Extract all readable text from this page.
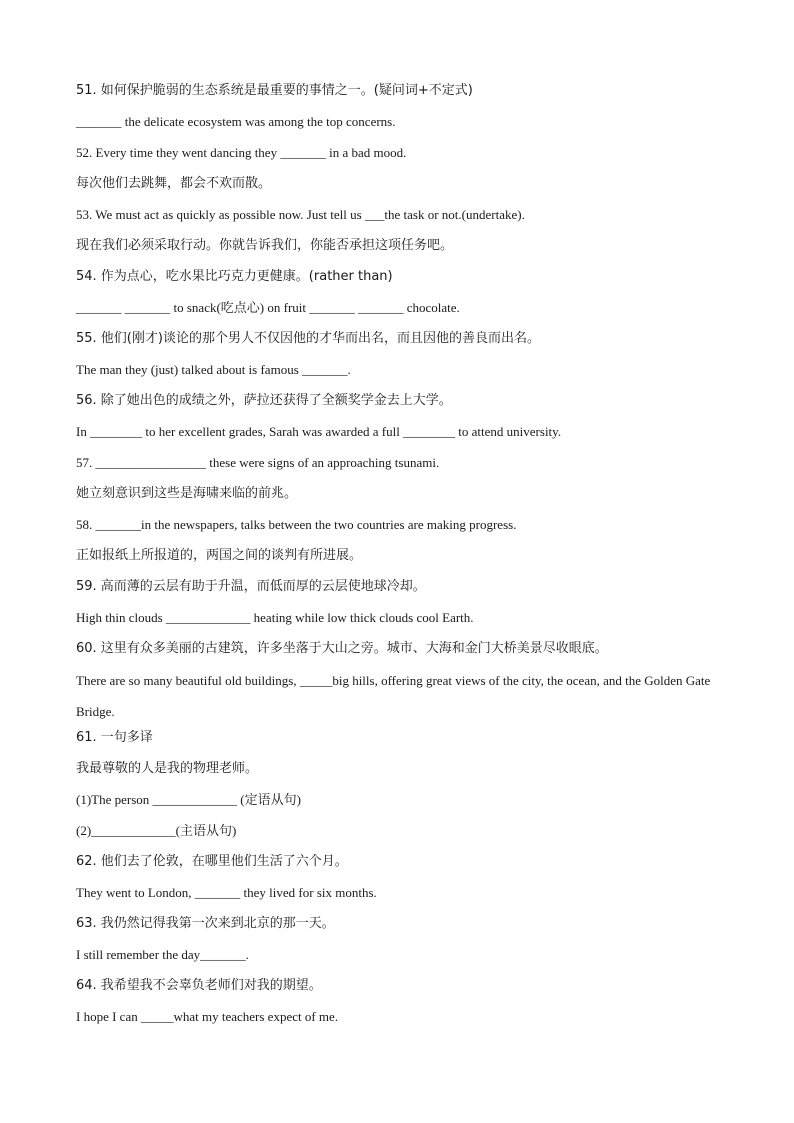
51. 如何保护脆弱的生态系统是最重要的事情之一。(疑问词+不定式)
_______ the delicate ecosystem was among the top concerns.
52. Every time they went dancing they _______ in a bad mood.
每次他们去跳舞，都会不欢而散。
53. We must act as quickly as possible now. Just tell us ___the task or not.(undertake).
现在我们必须采取行动。你就告诉我们，你能否承担这项任务吧。
54. 作为点心，吃水果比巧克力更健康。(rather than)
_______ _______ to snack(吃点心) on fruit _______ _______ chocolate.
55. 他们(刚才)谈论的那个男人不仅因他的才华而出名，而且因他的善良而出名。
The man they (just) talked about is famous _______.
56. 除了她出色的成绩之外，萨拉还获得了全额奖学金去上大学。
In ________ to her excellent grades, Sarah was awarded a full ________ to attend university.
57. _________________ these were signs of an approaching tsunami.
她立刻意识到这些是海啸来临的前兆。
58. _______in the newspapers, talks between the two countries are making progress.
正如报纸上所报道的，两国之间的谈判有所进展。
59. 高而薄的云层有助于升温，而低而厚的云层使地球冷却。
High thin clouds _____________ heating while low thick clouds cool Earth.
60. 这里有众多美丽的古建筑，许多坐落于大山之旁。城市、大海和金门大桥美景尽收眼底。
There are so many beautiful old buildings, _____big hills, offering great views of the city, the ocean, and the Golden Gate Bridge.
61. 一句多译
我最尊敬的人是我的物理老师。
(1)The person _____________ (定语从句)
(2)_____________(主语从句)
62. 他们去了伦敦，在哪里他们生活了六个月。
They went to London, _______ they lived for six months.
63. 我仍然记得我第一次来到北京的那一天。
I still remember the day_______.
64. 我希望我不会辜负老师们对我的期望。
I hope I can _____what my teachers expect of me.
